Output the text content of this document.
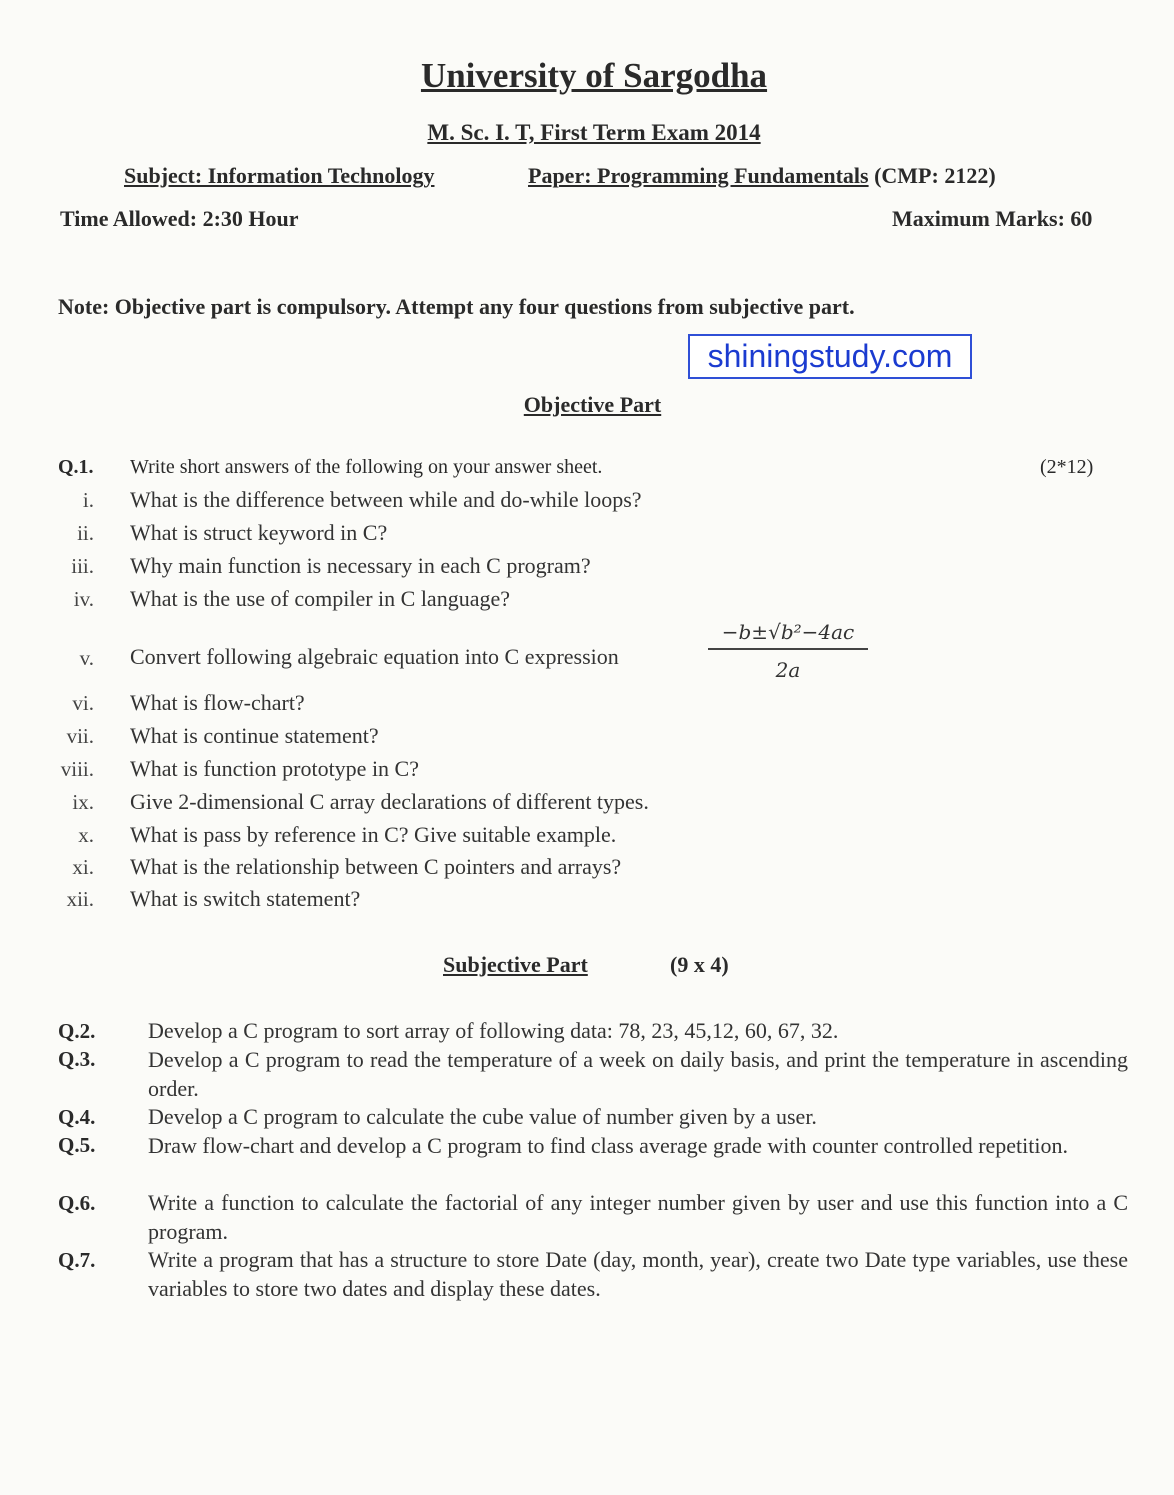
University of Sargodha
M. Sc. I. T, First Term Exam 2014
Subject: Information Technology	Paper: Programming Fundamentals (CMP: 2122)
Time Allowed: 2:30 Hour	Maximum Marks: 60
Note: Objective part is compulsory. Attempt any four questions from subjective part.
shiningstudy.com
Objective Part
Q.1. Write short answers of the following on your answer sheet.	(2*12)
i. What is the difference between while and do-while loops?
ii. What is struct keyword in C?
iii. Why main function is necessary in each C program?
iv. What is the use of compiler in C language?
v. Convert following algebraic equation into C expression	$\frac{\text{−b±√b²−4ac}}{2a}$
vi. What is flow-chart?
vii. What is continue statement?
viii. What is function prototype in C?
ix. Give 2-dimensional C array declarations of different types.
x. What is pass by reference in C? Give suitable example.
xi. What is the relationship between C pointers and arrays?
xii. What is switch statement?
Subjective Part	(9 x 4)
Q.2. Develop a C program to sort array of following data: 78, 23, 45,12, 60, 67, 32.
Q.3. Develop a C program to read the temperature of a week on daily basis, and print the temperature in ascending order.
Q.4. Develop a C program to calculate the cube value of number given by a user.
Q.5. Draw flow-chart and develop a C program to find class average grade with counter controlled repetition.
Q.6. Write a function to calculate the factorial of any integer number given by user and use this function into a C program.
Q.7. Write a program that has a structure to store Date (day, month, year), create two Date type variables, use these variables to store two dates and display these dates.
